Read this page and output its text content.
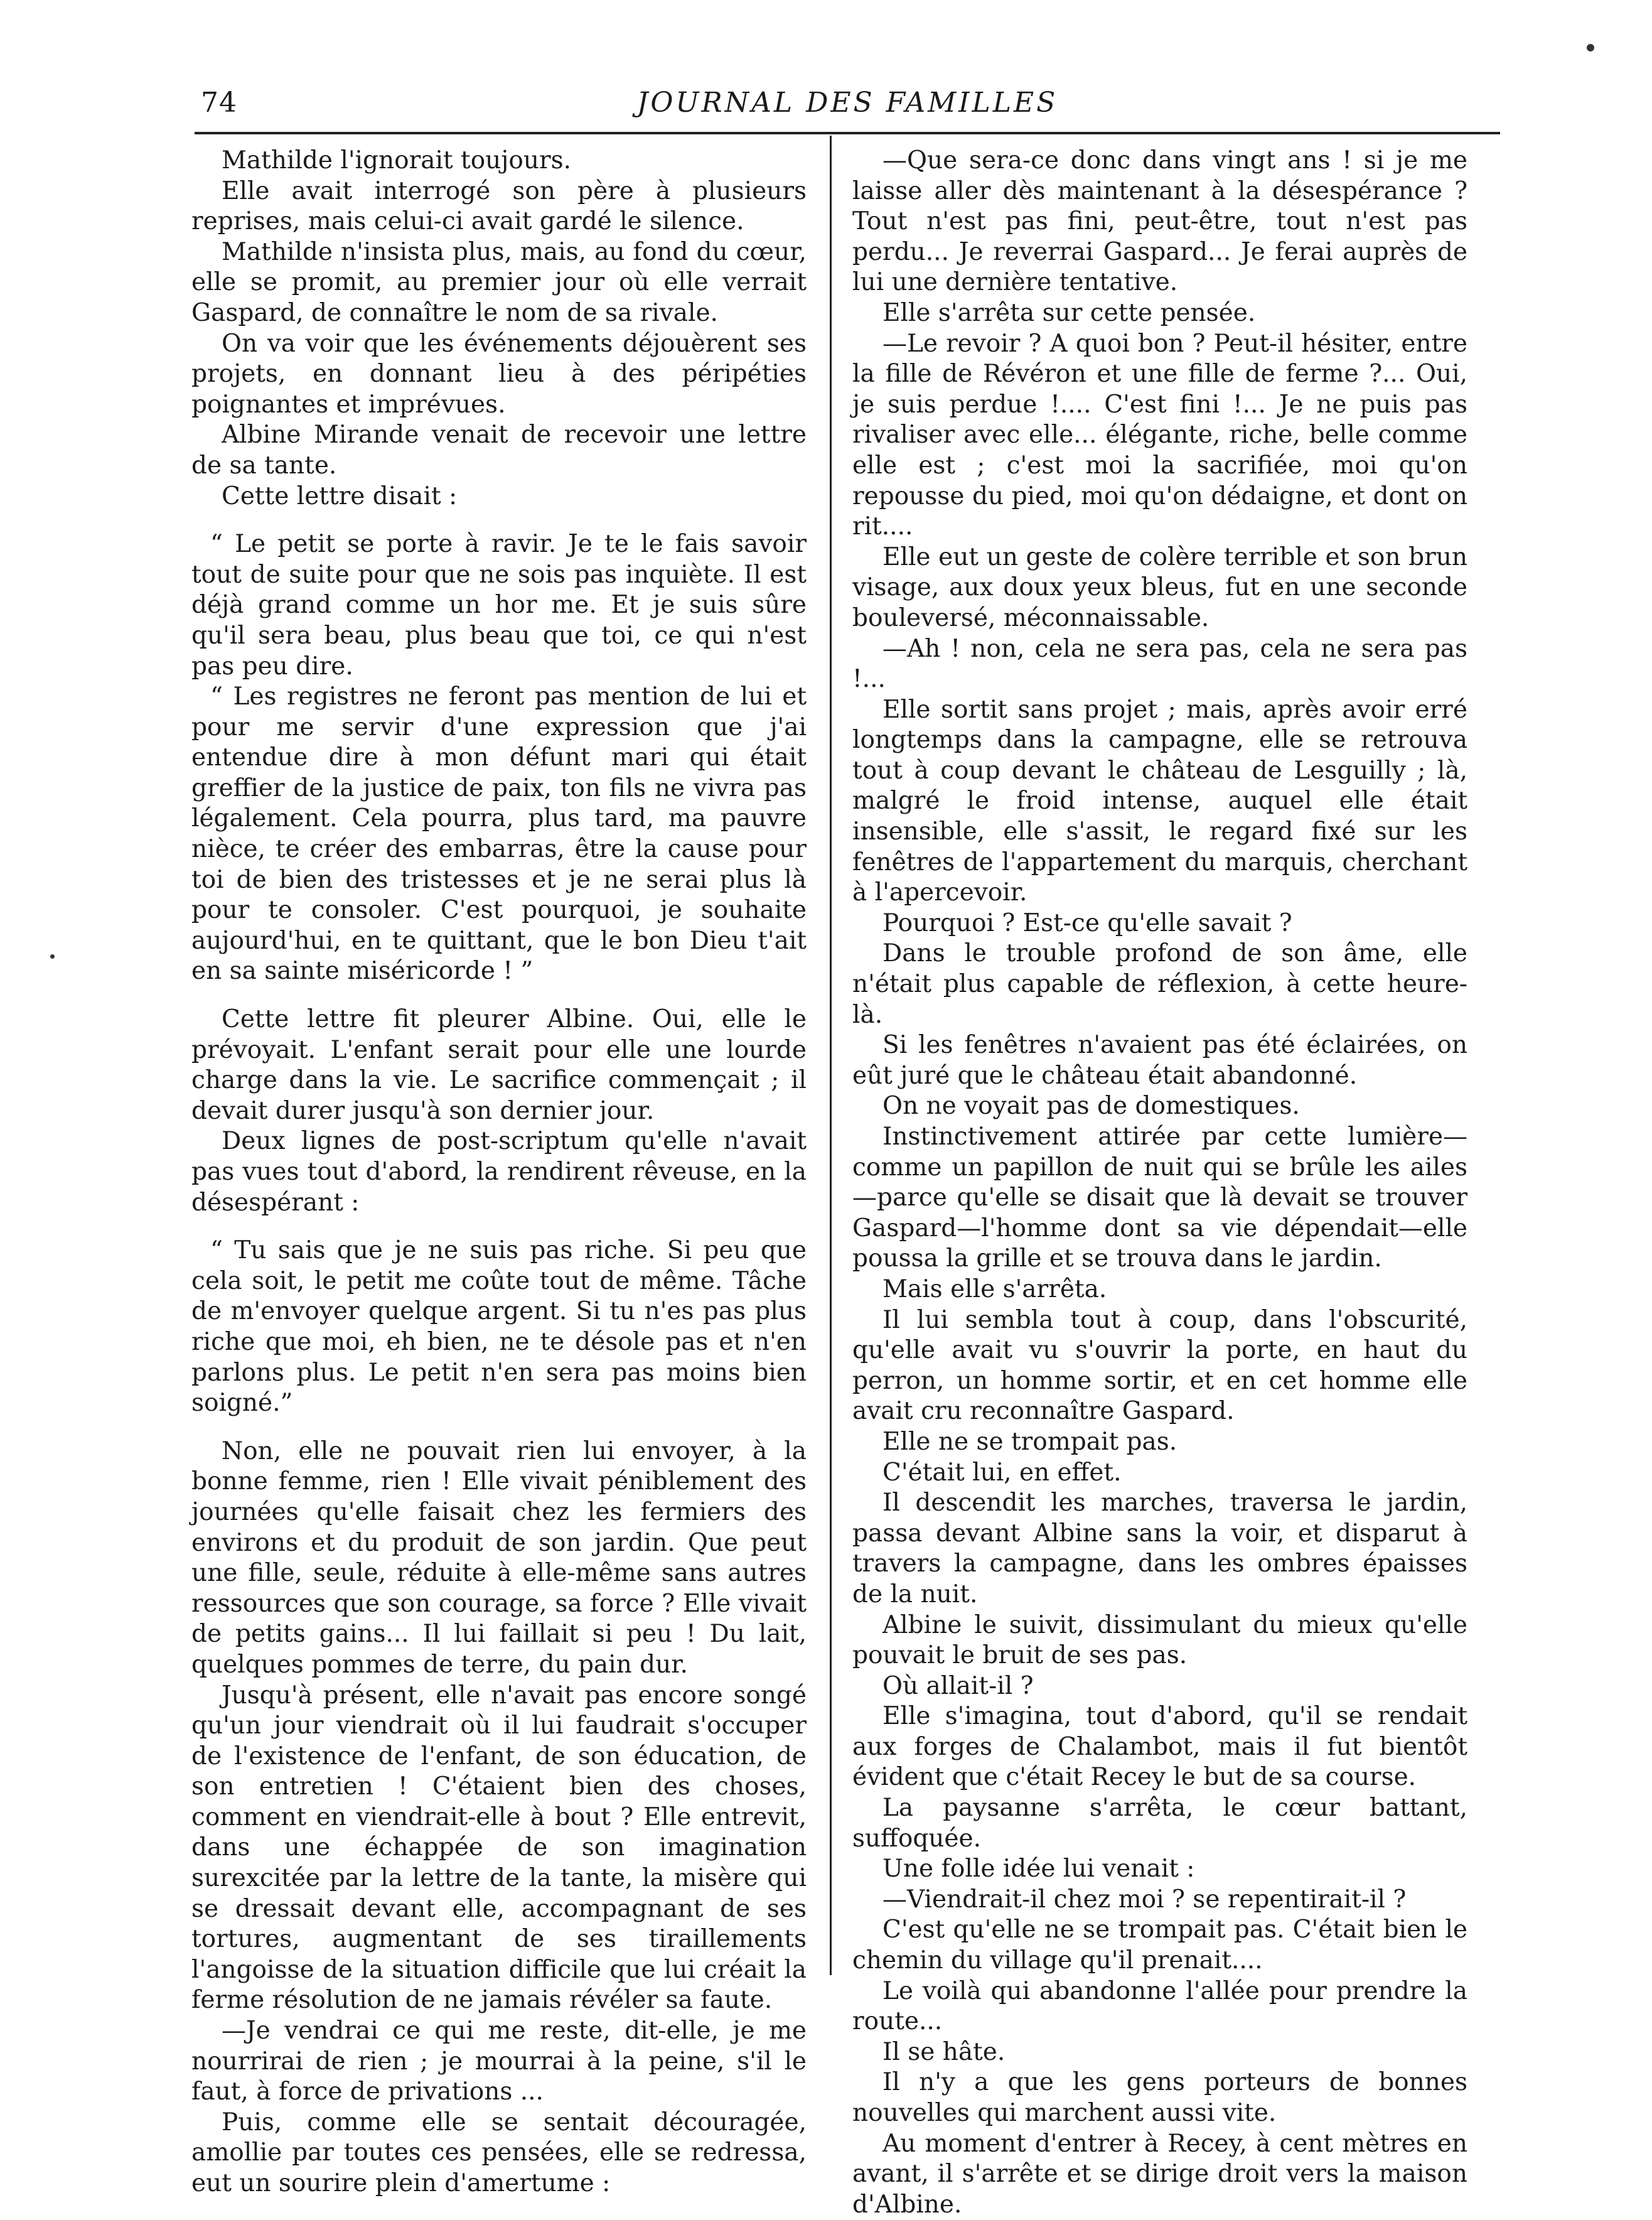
74	JOURNAL DES FAMILLES

Mathilde l'ignorait toujours.

Elle avait interrogé son père à plusieurs reprises, mais celui-ci avait gardé le silence.

Mathilde n'insista plus, mais, au fond du cœur, elle se promit, au premier jour où elle verrait Gaspard, de connaître le nom de sa rivale.

On va voir que les événements déjouèrent ses projets, en donnant lieu à des péripéties poignantes et imprévues.

Albine Mirande venait de recevoir une lettre de sa tante.

Cette lettre disait :

“ Le petit se porte à ravir. Je te le fais savoir tout de suite pour que ne sois pas inquiète. Il est déjà grand comme un hor me. Et je suis sûre qu'il sera beau, plus beau que toi, ce qui n'est pas peu dire.

“ Les registres ne feront pas mention de lui et pour me servir d'une expression que j'ai entendue dire à mon défunt mari qui était greffier de la justice de paix, ton fils ne vivra pas légalement. Cela pourra, plus tard, ma pauvre nièce, te créer des embarras, être la cause pour toi de bien des tristesses et je ne serai plus là pour te consoler. C'est pourquoi, je souhaite aujourd'hui, en te quittant, que le bon Dieu t'ait en sa sainte miséricorde ! ”

Cette lettre fit pleurer Albine. Oui, elle le prévoyait. L'enfant serait pour elle une lourde charge dans la vie. Le sacrifice commençait ; il devait durer jusqu'à son dernier jour.

Deux lignes de post-scriptum qu'elle n'avait pas vues tout d'abord, la rendirent rêveuse, en la désespérant :

“ Tu sais que je ne suis pas riche. Si peu que cela soit, le petit me coûte tout de même. Tâche de m'envoyer quelque argent. Si tu n'es pas plus riche que moi, eh bien, ne te désole pas et n'en parlons plus. Le petit n'en sera pas moins bien soigné.”

Non, elle ne pouvait rien lui envoyer, à la bonne femme, rien ! Elle vivait péniblement des journées qu'elle faisait chez les fermiers des environs et du produit de son jardin. Que peut une fille, seule, réduite à elle-même sans autres ressources que son courage, sa force ? Elle vivait de petits gains... Il lui faillait si peu ! Du lait, quelques pommes de terre, du pain dur.

Jusqu'à présent, elle n'avait pas encore songé qu'un jour viendrait où il lui faudrait s'occuper de l'existence de l'enfant, de son éducation, de son entretien ! C'étaient bien des choses, comment en viendrait-elle à bout ? Elle entrevit, dans une échappée de son imagination surexcitée par la lettre de la tante, la misère qui se dressait devant elle, accompagnant de ses tortures, augmentant de ses tiraillements l'angoisse de la situation difficile que lui créait la ferme résolution de ne jamais révéler sa faute.

—Je vendrai ce qui me reste, dit-elle, je me nourrirai de rien ; je mourrai à la peine, s'il le faut, à force de privations ...

Puis, comme elle se sentait découragée, amollie par toutes ces pensées, elle se redressa, eut un sourire plein d'amertume :

—Que sera-ce donc dans vingt ans ! si je me laisse aller dès maintenant à la désespérance ? Tout n'est pas fini, peut-être, tout n'est pas perdu... Je reverrai Gaspard... Je ferai auprès de lui une dernière tentative.

Elle s'arrêta sur cette pensée.

—Le revoir ? A quoi bon ? Peut-il hésiter, entre la fille de Révéron et une fille de ferme ?... Oui, je suis perdue !.... C'est fini !... Je ne puis pas rivaliser avec elle... élégante, riche, belle comme elle est ; c'est moi la sacrifiée, moi qu'on repousse du pied, moi qu'on dédaigne, et dont on rit....

Elle eut un geste de colère terrible et son brun visage, aux doux yeux bleus, fut en une seconde bouleversé, méconnaissable.

—Ah ! non, cela ne sera pas, cela ne sera pas !...

Elle sortit sans projet ; mais, après avoir erré longtemps dans la campagne, elle se retrouva tout à coup devant le château de Lesguilly ; là, malgré le froid intense, auquel elle était insensible, elle s'assit, le regard fixé sur les fenêtres de l'appartement du marquis, cherchant à l'apercevoir.

Pourquoi ? Est-ce qu'elle savait ?

Dans le trouble profond de son âme, elle n'était plus capable de réflexion, à cette heure-là.

Si les fenêtres n'avaient pas été éclairées, on eût juré que le château était abandonné.

On ne voyait pas de domestiques.

Instinctivement attirée par cette lumière—comme un papillon de nuit qui se brûle les ailes—parce qu'elle se disait que là devait se trouver Gaspard—l'homme dont sa vie dépendait—elle poussa la grille et se trouva dans le jardin.

Mais elle s'arrêta.

Il lui sembla tout à coup, dans l'obscurité, qu'elle avait vu s'ouvrir la porte, en haut du perron, un homme sortir, et en cet homme elle avait cru reconnaître Gaspard.

Elle ne se trompait pas.

C'était lui, en effet.

Il descendit les marches, traversa le jardin, passa devant Albine sans la voir, et disparut à travers la campagne, dans les ombres épaisses de la nuit.

Albine le suivit, dissimulant du mieux qu'elle pouvait le bruit de ses pas.

Où allait-il ?

Elle s'imagina, tout d'abord, qu'il se rendait aux forges de Chalambot, mais il fut bientôt évident que c'était Recey le but de sa course.

La paysanne s'arrêta, le cœur battant, suffoquée.

Une folle idée lui venait :

—Viendrait-il chez moi ? se repentirait-il ?

C'est qu'elle ne se trompait pas. C'était bien le chemin du village qu'il prenait....

Le voilà qui abandonne l'allée pour prendre la route...

Il se hâte.

Il n'y a que les gens porteurs de bonnes nouvelles qui marchent aussi vite.

Au moment d'entrer à Recey, à cent mètres en avant, il s'arrête et se dirige droit vers la maison d'Albine.
